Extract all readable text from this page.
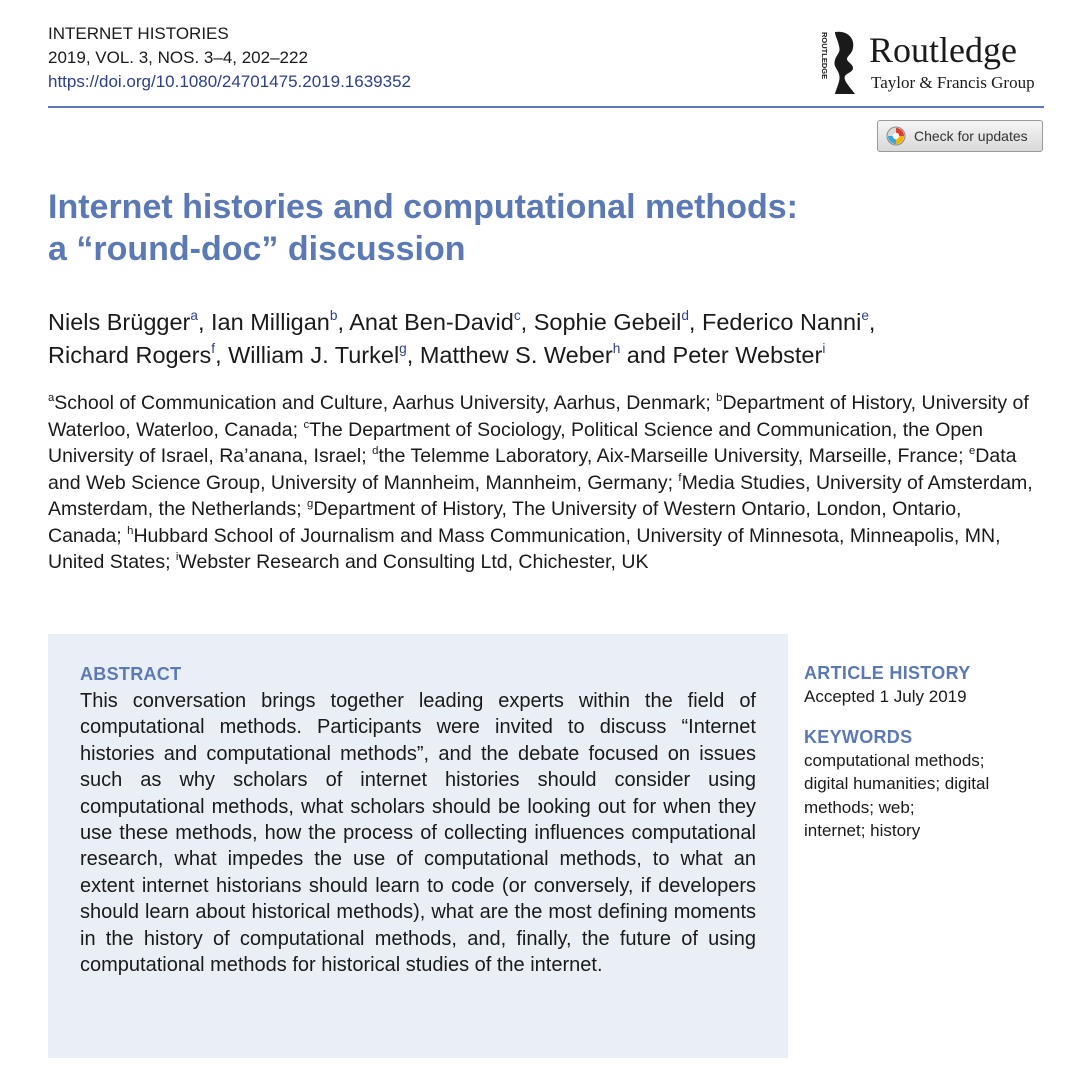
INTERNET HISTORIES
2019, VOL. 3, NOS. 3–4, 202–222
https://doi.org/10.1080/24701475.2019.1639352
ROUTLEDGE Routledge
Taylor & Francis Group
Check for updates
Internet histories and computational methods:
a “round-doc” discussion
Niels Brügger$^a$, Ian Milligan$^b$, Anat Ben-David$^c$, Sophie Gebeil$^d$, Federico Nanni$^e$,
Richard Rogers$^f$, William J. Turkel$^g$, Matthew S. Weber$^h$ and Peter Webster$^i$
$^a$School of Communication and Culture, Aarhus University, Aarhus, Denmark; $^b$Department of History, University of Waterloo, Waterloo, Canada; $^c$The Department of Sociology, Political Science and Communication, the Open University of Israel, Ra’anana, Israel; $^d$the Telemme Laboratory, Aix-Marseille University, Marseille, France; $^e$Data and Web Science Group, University of Mannheim, Mannheim, Germany; $^f$Media Studies, University of Amsterdam, Amsterdam, the Netherlands; $^g$Department of History, The University of Western Ontario, London, Ontario, Canada; $^h$Hubbard School of Journalism and Mass Communication, University of Minnesota, Minneapolis, MN, United States; $^i$Webster Research and Consulting Ltd, Chichester, UK
ABSTRACT

This conversation brings together leading experts within the field of computational methods. Participants were invited to discuss “Internet histories and computational methods”, and the debate focused on issues such as why scholars of internet histories should consider using computational methods, what scholars should be looking out for when they use these methods, how the process of collecting influences computational research, what impedes the use of computational methods, to what an extent internet historians should learn to code (or conversely, if developers should learn about historical methods), what are the most defining moments in the history of computational methods, and, finally, the future of using computational methods for historical studies of the internet.

ARTICLE HISTORY
Accepted 1 July 2019
KEYWORDS
computational methods;
digital humanities; digital
methods; web;
internet; history
